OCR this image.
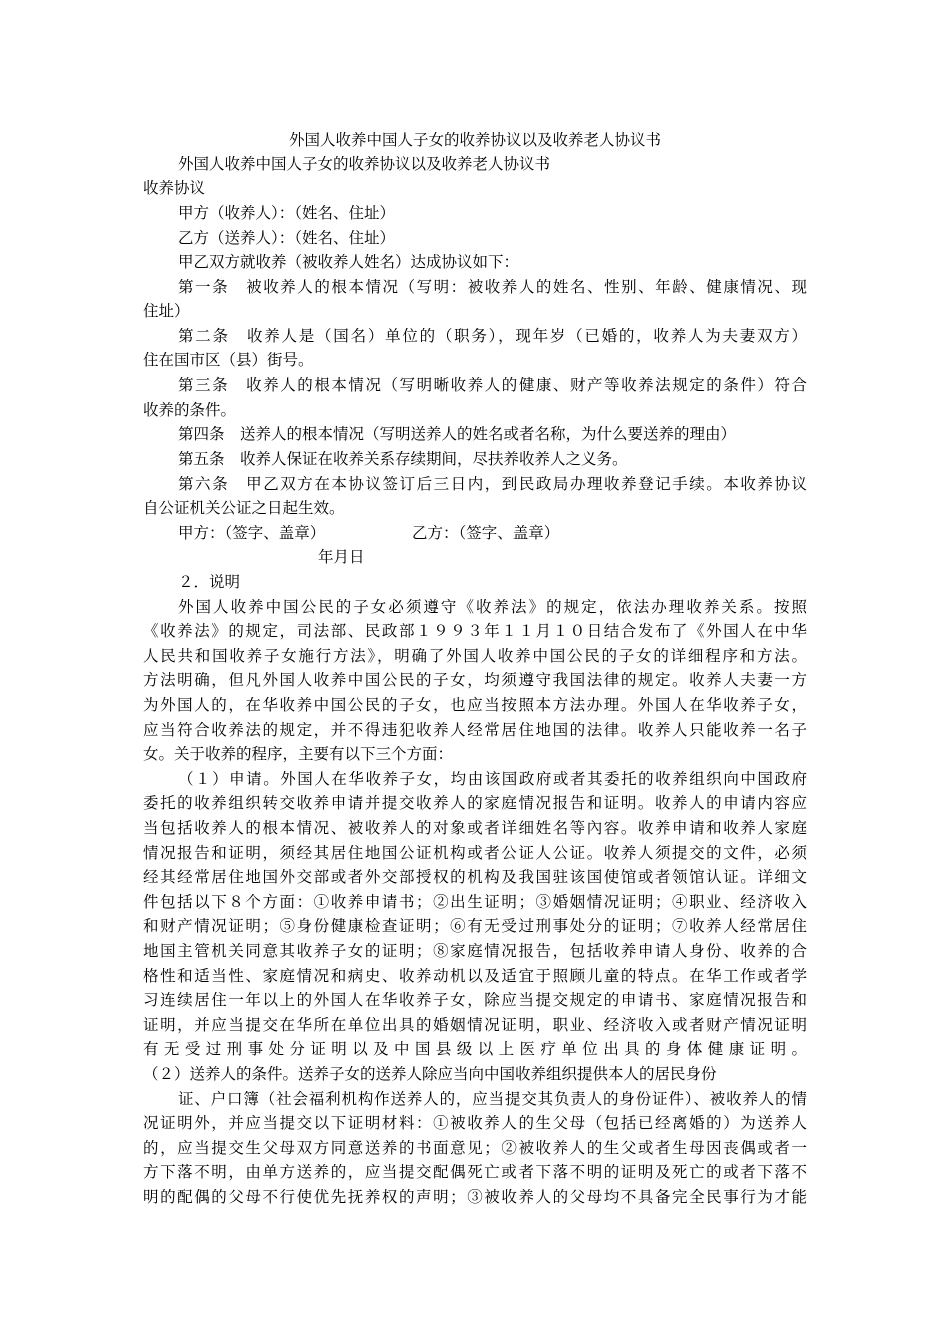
外国人收养中国人子女的收养协议以及收养老人协议书
外国人收养中国人子女的收养协议以及收养老人协议书
收养协议
甲方（收养人）：（姓名、住址）
乙方（送养人）：（姓名、住址）
甲乙双方就收养（被收养人姓名）达成协议如下：
第一条　被收养人的根本情况（写明：被收养人的姓名、性别、年龄、健康情况、现
住址）
第二条　收养人是（国名）单位的（职务），现年岁（已婚的，收养人为夫妻双方）
住在国市区（县）街号。
第三条　收养人的根本情况（写明晰收养人的健康、财产等收养法规定的条件）符合
收养的条件。
第四条　送养人的根本情况（写明送养人的姓名或者名称，为什么要送养的理由）
第五条　收养人保证在收养关系存续期间，尽扶养收养人之义务。
第六条　甲乙双方在本协议签订后三日内，到民政局办理收养登记手续。本收养协议
自公证机关公证之日起生效。
甲方：（签字、盖章）	乙方：（签字、盖章）
年月日
２．说明
外国人收养中国公民的子女必须遵守《收养法》的规定，依法办理收养关系。按照
《收养法》的规定，司法部、民政部１９９３年１１月１０日结合发布了《外国人在中华
人民共和国收养子女施行方法》，明确了外国人收养中国公民的子女的详细程序和方法。
方法明确，但凡外国人收养中国公民的子女，均须遵守我国法律的规定。收养人夫妻一方
为外国人的，在华收养中国公民的子女，也应当按照本方法办理。外国人在华收养子女，
应当符合收养法的规定，并不得违犯收养人经常居住地国的法律。收养人只能收养一名子
女。关于收养的程序，主要有以下三个方面：
（１）申请。外国人在华收养子女，均由该国政府或者其委托的收养组织向中国政府
委托的收养组织转交收养申请并提交收养人的家庭情况报告和证明。收养人的申请内容应
当包括收养人的根本情况、被收养人的对象或者详细姓名等內容。收养申请和收养人家庭
情况报告和证明，须经其居住地国公证机构或者公证人公证。收养人须提交的文件，必须
经其经常居住地国外交部或者外交部授权的机构及我国驻该国使馆或者领馆认证。详细文
件包括以下８个方面：①收养申请书；②出生证明；③婚姻情况证明；④职业、经济收入
和财产情况证明；⑤身份健康检查证明；⑥有无受过刑事处分的证明；⑦收养人经常居住
地国主管机关同意其收养子女的证明；⑧家庭情况报告，包括收养申请人身份、收养的合
格性和适当性、家庭情况和病史、收养动机以及适宜于照顾儿童的特点。在华工作或者学
习连续居住一年以上的外国人在华收养子女，除应当提交规定的申请书、家庭情况报告和
证明，并应当提交在华所在单位出具的婚姻情况证明，职业、经济收入或者财产情况证明
有无受过刑事处分证明以及中国县级以上医疗单位出具的身体健康证明。
（２）送养人的条件。送养子女的送养人除应当向中国收养组织提供本人的居民身份
证、户口簿（社会福利机构作送养人的，应当提交其负责人的身份证件）、被收养人的情
况证明外，并应当提交以下证明材料：①被收养人的生父母（包括已经离婚的）为送养人
的，应当提交生父母双方同意送养的书面意见；②被收养人的生父或者生母因丧偶或者一
方下落不明，由单方送养的，应当提交配偶死亡或者下落不明的证明及死亡的或者下落不
明的配偶的父母不行使优先抚养权的声明；③被收养人的父母均不具备完全民事行为才能
